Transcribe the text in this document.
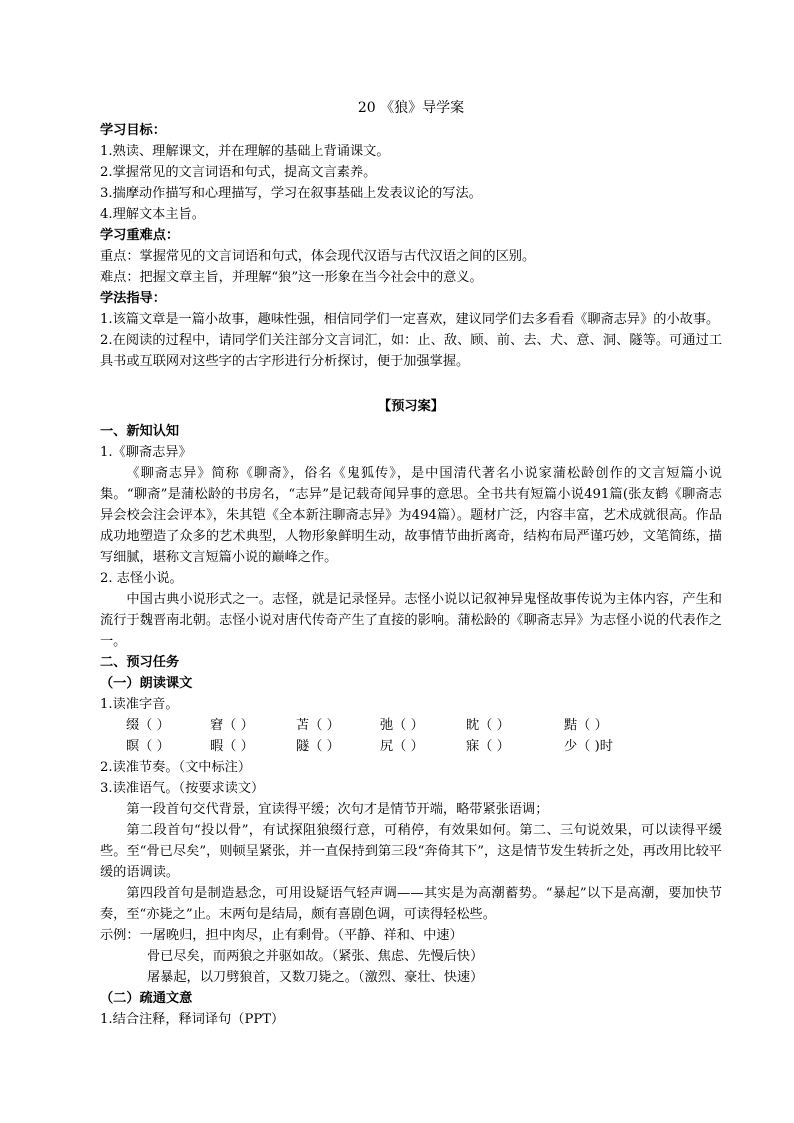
20 《狼》导学案
学习目标：
1.熟读、理解课文，并在理解的基础上背诵课文。
2.掌握常见的文言词语和句式，提高文言素养。
3.揣摩动作描写和心理描写，学习在叙事基础上发表议论的写法。
4.理解文本主旨。
学习重难点：
重点：掌握常见的文言词语和句式，体会现代汉语与古代汉语之间的区别。
难点：把握文章主旨，并理解“狼”这一形象在当今社会中的意义。
学法指导：
1.该篇文章是一篇小故事，趣味性强，相信同学们一定喜欢，建议同学们去多看看《聊斋志异》的小故事。
2.在阅读的过程中，请同学们关注部分文言词汇，如：止、敌、顾、前、去、犬、意、洞、隧等。可通过工具书或互联网对这些字的古字形进行分析探讨，便于加强掌握。
【预习案】
一、新知认知
1.《聊斋志异》
《聊斋志异》简称《聊斋》，俗名《鬼狐传》，是中国清代著名小说家蒲松龄创作的文言短篇小说集。“聊斋”是蒲松龄的书房名，“志异”是记载奇闻异事的意思。全书共有短篇小说491篇(张友鹤《聊斋志异会校会注会评本》，朱其铠《全本新注聊斋志异》为494篇）。题材广泛，内容丰富，艺术成就很高。作品成功地塑造了众多的艺术典型，人物形象鲜明生动，故事情节曲折离奇，结构布局严谨巧妙，文笔简练，描写细腻，堪称文言短篇小说的巅峰之作。
2. 志怪小说。
中国古典小说形式之一。志怪，就是记录怪异。志怪小说以记叙神异鬼怪故事传说为主体内容，产生和流行于魏晋南北朝。志怪小说对唐代传奇产生了直接的影响。蒲松龄的《聊斋志异》为志怪小说的代表作之一。
二、预习任务
（一）朗读课文
1.读准字音。
缀（ ）	窘（ ）	苫（ ）	弛（ ）	眈（ ）	黠（ ）
瞑（ ）	暇（ ）	隧（ ）	尻（ ）	寐（ ）	少（ )时
2.读准节奏。（文中标注）
3.读准语气。（按要求读文）
第一段首句交代背景，宜读得平缓；次句才是情节开端，略带紧张语调；
第二段首句“投以骨”，有试探阻狼缀行意，可稍停，有效果如何。第二、三句说效果，可以读得平缓些。至“骨已尽矣”，则顿呈紧张，并一直保持到第三段“奔倚其下”，这是情节发生转折之处，再改用比较平缓的语调读。
第四段首句是制造悬念，可用设疑语气轻声调——其实是为高潮蓄势。“暴起”以下是高潮，要加快节奏，至“亦毙之”止。末两句是结局，颇有喜剧色调，可读得轻松些。
示例：一屠晚归，担中肉尽，止有剩骨。（平静、祥和、中速）
骨已尽矣，而两狼之并驱如故。（紧张、焦虑、先慢后快）
屠暴起，以刀劈狼首，又数刀毙之。（激烈、豪壮、快速）
（二）疏通文意
1.结合注释，释词译句（PPT）
